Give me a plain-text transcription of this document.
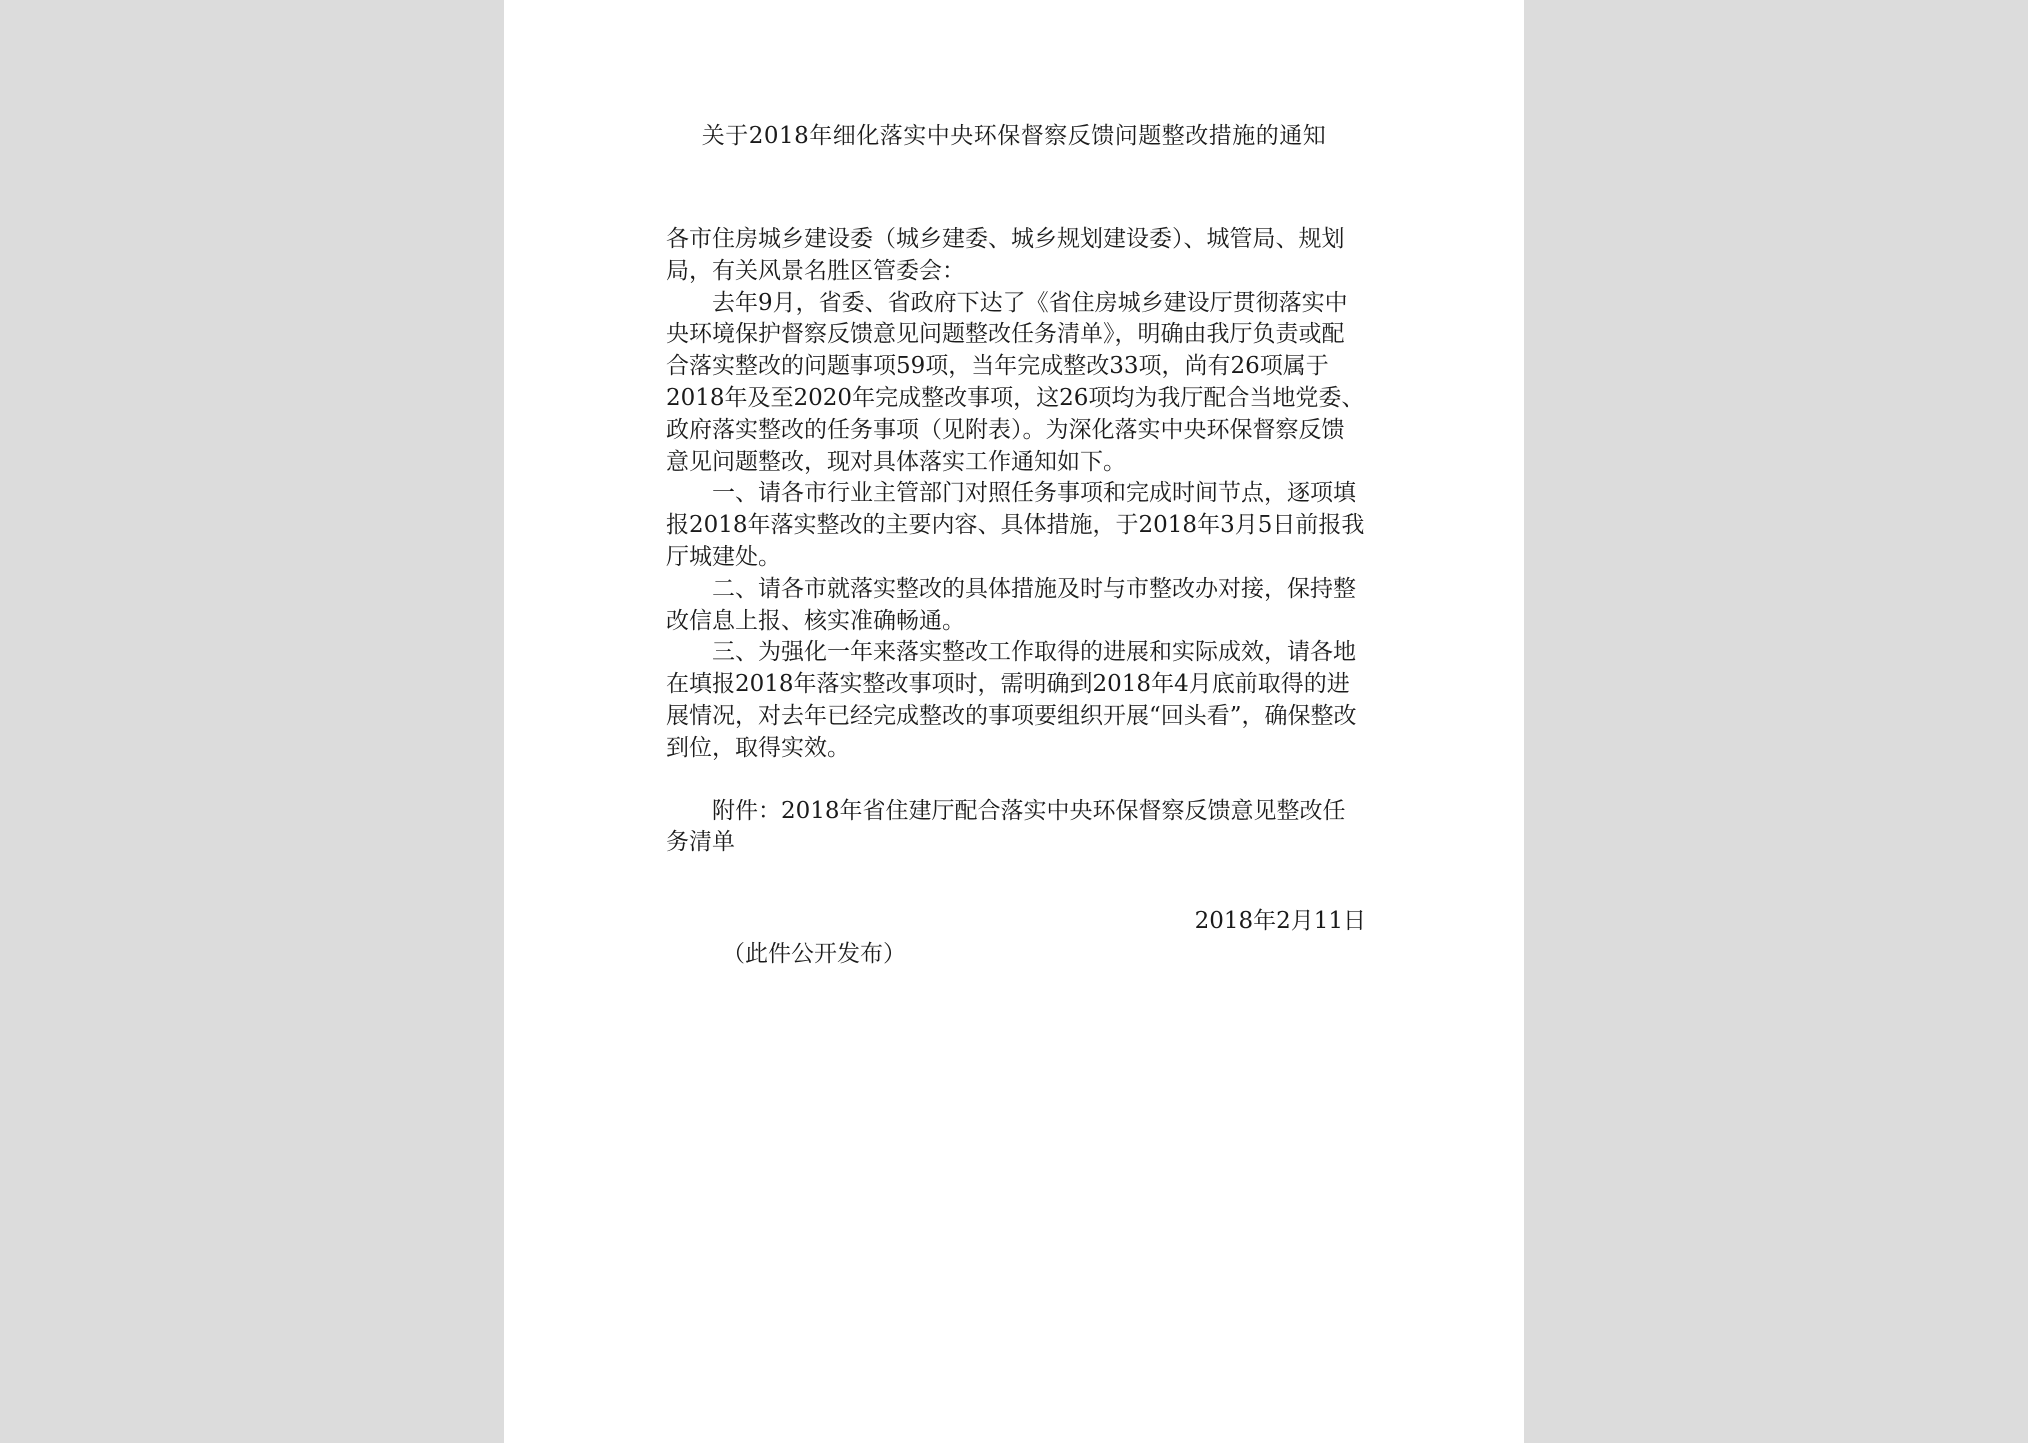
关于2018年细化落实中央环保督察反馈问题整改措施的通知

各市住房城乡建设委（城乡建委、城乡规划建设委）、城管局、规划局，有关风景名胜区管委会：

去年9月，省委、省政府下达了《省住房城乡建设厅贯彻落实中央环境保护督察反馈意见问题整改任务清单》，明确由我厅负责或配合落实整改的问题事项59项，当年完成整改33项，尚有26项属于2018年及至2020年完成整改事项，这26项均为我厅配合当地党委、政府落实整改的任务事项（见附表）。为深化落实中央环保督察反馈意见问题整改，现对具体落实工作通知如下。

一、请各市行业主管部门对照任务事项和完成时间节点，逐项填报2018年落实整改的主要内容、具体措施，于2018年3月5日前报我厅城建处。

二、请各市就落实整改的具体措施及时与市整改办对接，保持整改信息上报、核实准确畅通。

三、为强化一年来落实整改工作取得的进展和实际成效，请各地在填报2018年落实整改事项时，需明确到2018年4月底前取得的进展情况，对去年已经完成整改的事项要组织开展“回头看”，确保整改到位，取得实效。

附件：2018年省住建厅配合落实中央环保督察反馈意见整改任务清单

2018年2月11日

（此件公开发布）
